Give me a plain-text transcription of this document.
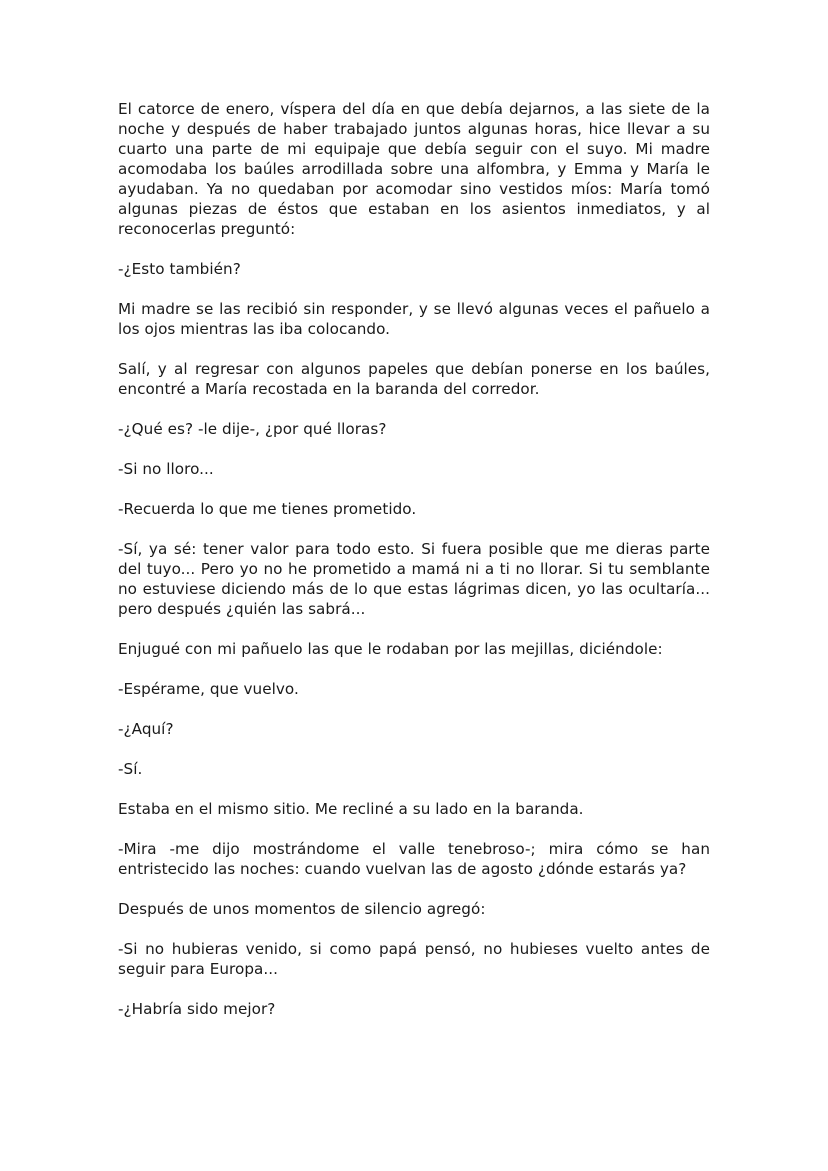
El catorce de enero, víspera del día en que debía dejarnos, a las siete de la noche y después de haber trabajado juntos algunas horas, hice llevar a su cuarto una parte de mi equipaje que debía seguir con el suyo. Mi madre acomodaba los baúles arrodillada sobre una alfombra, y Emma y María le ayudaban. Ya no quedaban por acomodar sino vestidos míos: María tomó algunas piezas de éstos que estaban en los asientos inmediatos, y al reconocerlas preguntó:

-¿Esto también?

Mi madre se las recibió sin responder, y se llevó algunas veces el pañuelo a los ojos mientras las iba colocando.

Salí, y al regresar con algunos papeles que debían ponerse en los baúles, encontré a María recostada en la baranda del corredor.

-¿Qué es? -le dije-, ¿por qué lloras?

-Si no lloro...

-Recuerda lo que me tienes prometido.

-Sí, ya sé: tener valor para todo esto. Si fuera posible que me dieras parte del tuyo... Pero yo no he prometido a mamá ni a ti no llorar. Si tu semblante no estuviese diciendo más de lo que estas lágrimas dicen, yo las ocultaría... pero después ¿quién las sabrá...

Enjugué con mi pañuelo las que le rodaban por las mejillas, diciéndole:

-Espérame, que vuelvo.

-¿Aquí?

-Sí.

Estaba en el mismo sitio. Me recliné a su lado en la baranda.

-Mira -me dijo mostrándome el valle tenebroso-; mira cómo se han entristecido las noches: cuando vuelvan las de agosto ¿dónde estarás ya?

Después de unos momentos de silencio agregó:

-Si no hubieras venido, si como papá pensó, no hubieses vuelto antes de seguir para Europa...

-¿Habría sido mejor?
